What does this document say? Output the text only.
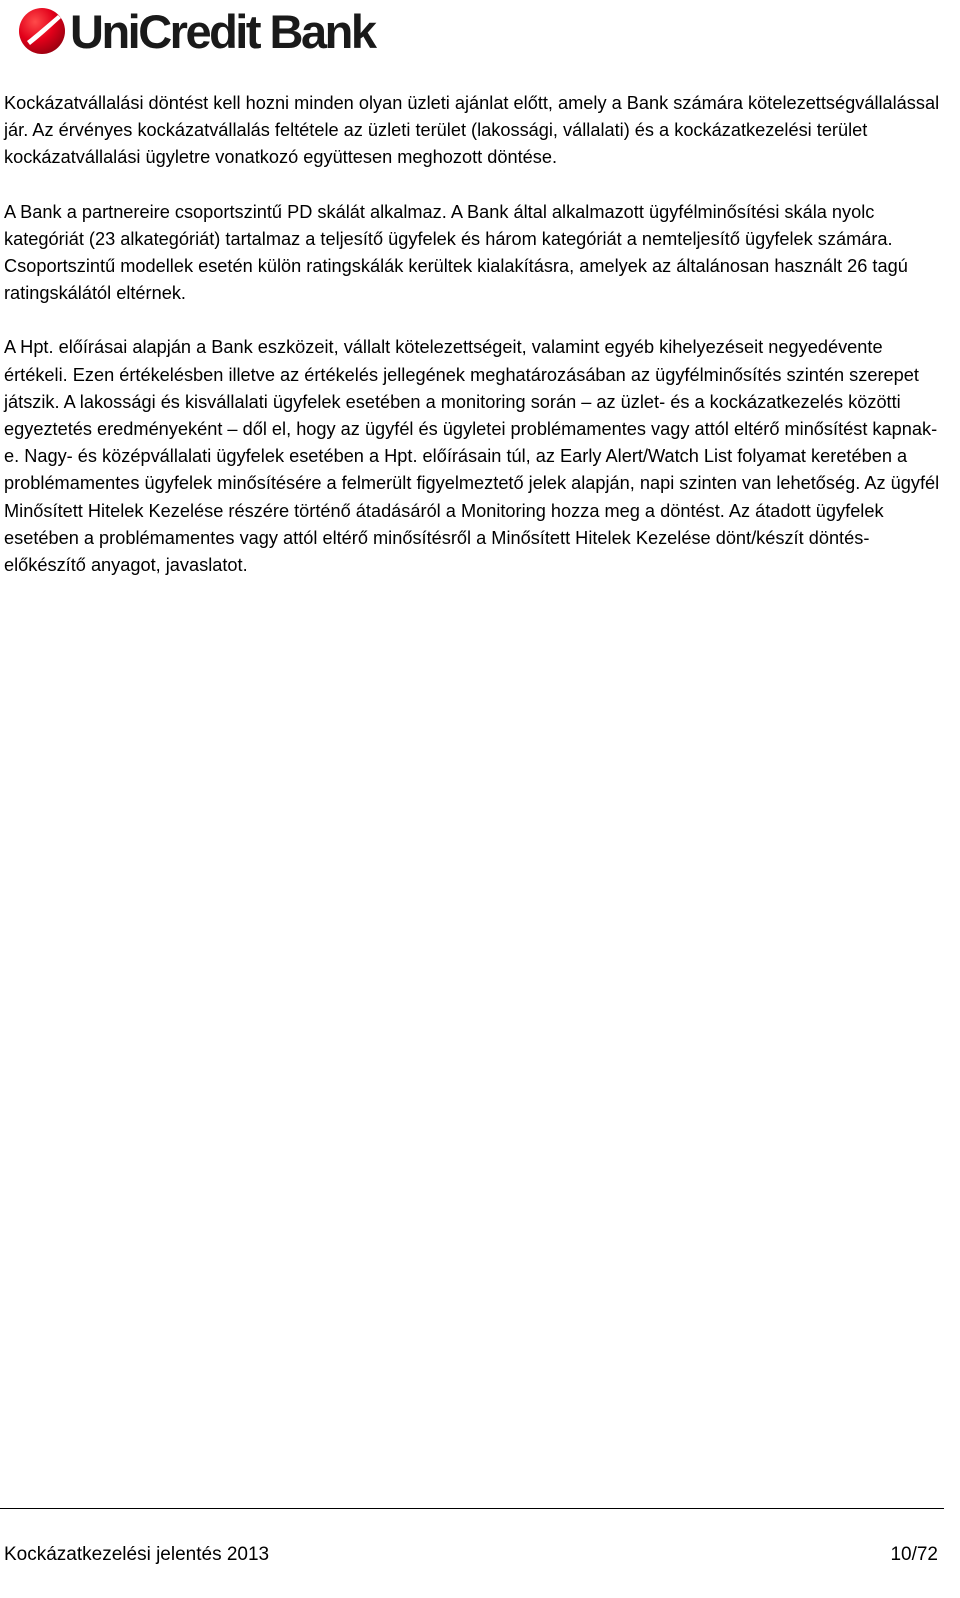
UniCredit Bank

Kockázatvállalási döntést kell hozni minden olyan üzleti ajánlat előtt, amely a Bank számára kötelezettségvállalással jár. Az érvényes kockázatvállalás feltétele az üzleti terület (lakossági, vállalati) és a kockázatkezelési terület kockázatvállalási ügyletre vonatkozó együttesen meghozott döntése.

A Bank a partnereire csoportszintű PD skálát alkalmaz. A Bank által alkalmazott ügyfélminősítési skála nyolc kategóriát (23 alkategóriát) tartalmaz a teljesítő ügyfelek és három kategóriát a nemteljesítő ügyfelek számára. Csoportszintű modellek esetén külön ratingskálák kerültek kialakításra, amelyek az általánosan használt 26 tagú ratingskálától eltérnek.

A Hpt. előírásai alapján a Bank eszközeit, vállalt kötelezettségeit, valamint egyéb kihelyezéseit negyedévente értékeli. Ezen értékelésben illetve az értékelés jellegének meghatározásában az ügyfélminősítés szintén szerepet játszik. A lakossági és kisvállalati ügyfelek esetében a monitoring során – az üzlet- és a kockázatkezelés közötti egyeztetés eredményeként – dől el, hogy az ügyfél és ügyletei problémamentes vagy attól eltérő minősítést kapnak-e. Nagy- és középvállalati ügyfelek esetében a Hpt. előírásain túl, az Early Alert/Watch List folyamat keretében a problémamentes ügyfelek minősítésére a felmerült figyelmeztető jelek alapján, napi szinten van lehetőség. Az ügyfél Minősített Hitelek Kezelése részére történő átadásáról a Monitoring hozza meg a döntést. Az átadott ügyfelek esetében a problémamentes vagy attól eltérő minősítésről a Minősített Hitelek Kezelése dönt/készít döntés-előkészítő anyagot, javaslatot.

Kockázatkezelési jelentés 2013	10/72
